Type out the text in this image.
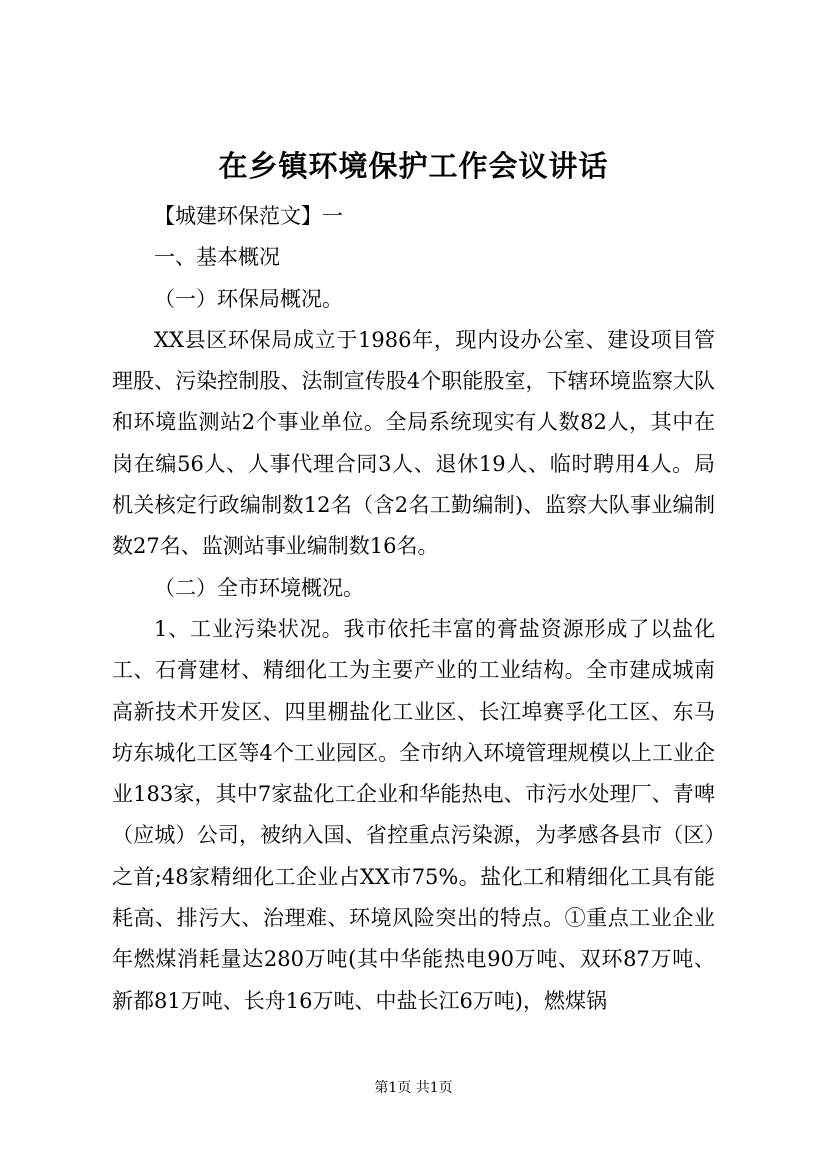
在乡镇环境保护工作会议讲话

【城建环保范文】一

一、基本概况

（一）环保局概况。

XX县区环保局成立于1986年，现内设办公室、建设项目管理股、污染控制股、法制宣传股4个职能股室，下辖环境监察大队和环境监测站2个事业单位。全局系统现实有人数82人，其中在岗在编56人、人事代理合同3人、退休19人、临时聘用4人。局机关核定行政编制数12名（含2名工勤编制)、监察大队事业编制数27名、监测站事业编制数16名。

（二）全市环境概况。

1、工业污染状况。我市依托丰富的膏盐资源形成了以盐化工、石膏建材、精细化工为主要产业的工业结构。全市建成城南高新技术开发区、四里棚盐化工业区、长江埠赛孚化工区、东马坊东城化工区等4个工业园区。全市纳入环境管理规模以上工业企业183家，其中7家盐化工企业和华能热电、市污水处理厂、青啤（应城）公司，被纳入国、省控重点污染源，为孝感各县市（区）之首;48家精细化工企业占XX市75%。盐化工和精细化工具有能耗高、排污大、治理难、环境风险突出的特点。①重点工业企业年燃煤消耗量达280万吨(其中华能热电90万吨、双环87万吨、新都81万吨、长舟16万吨、中盐长江6万吨)，燃煤锅

第1页 共1页
